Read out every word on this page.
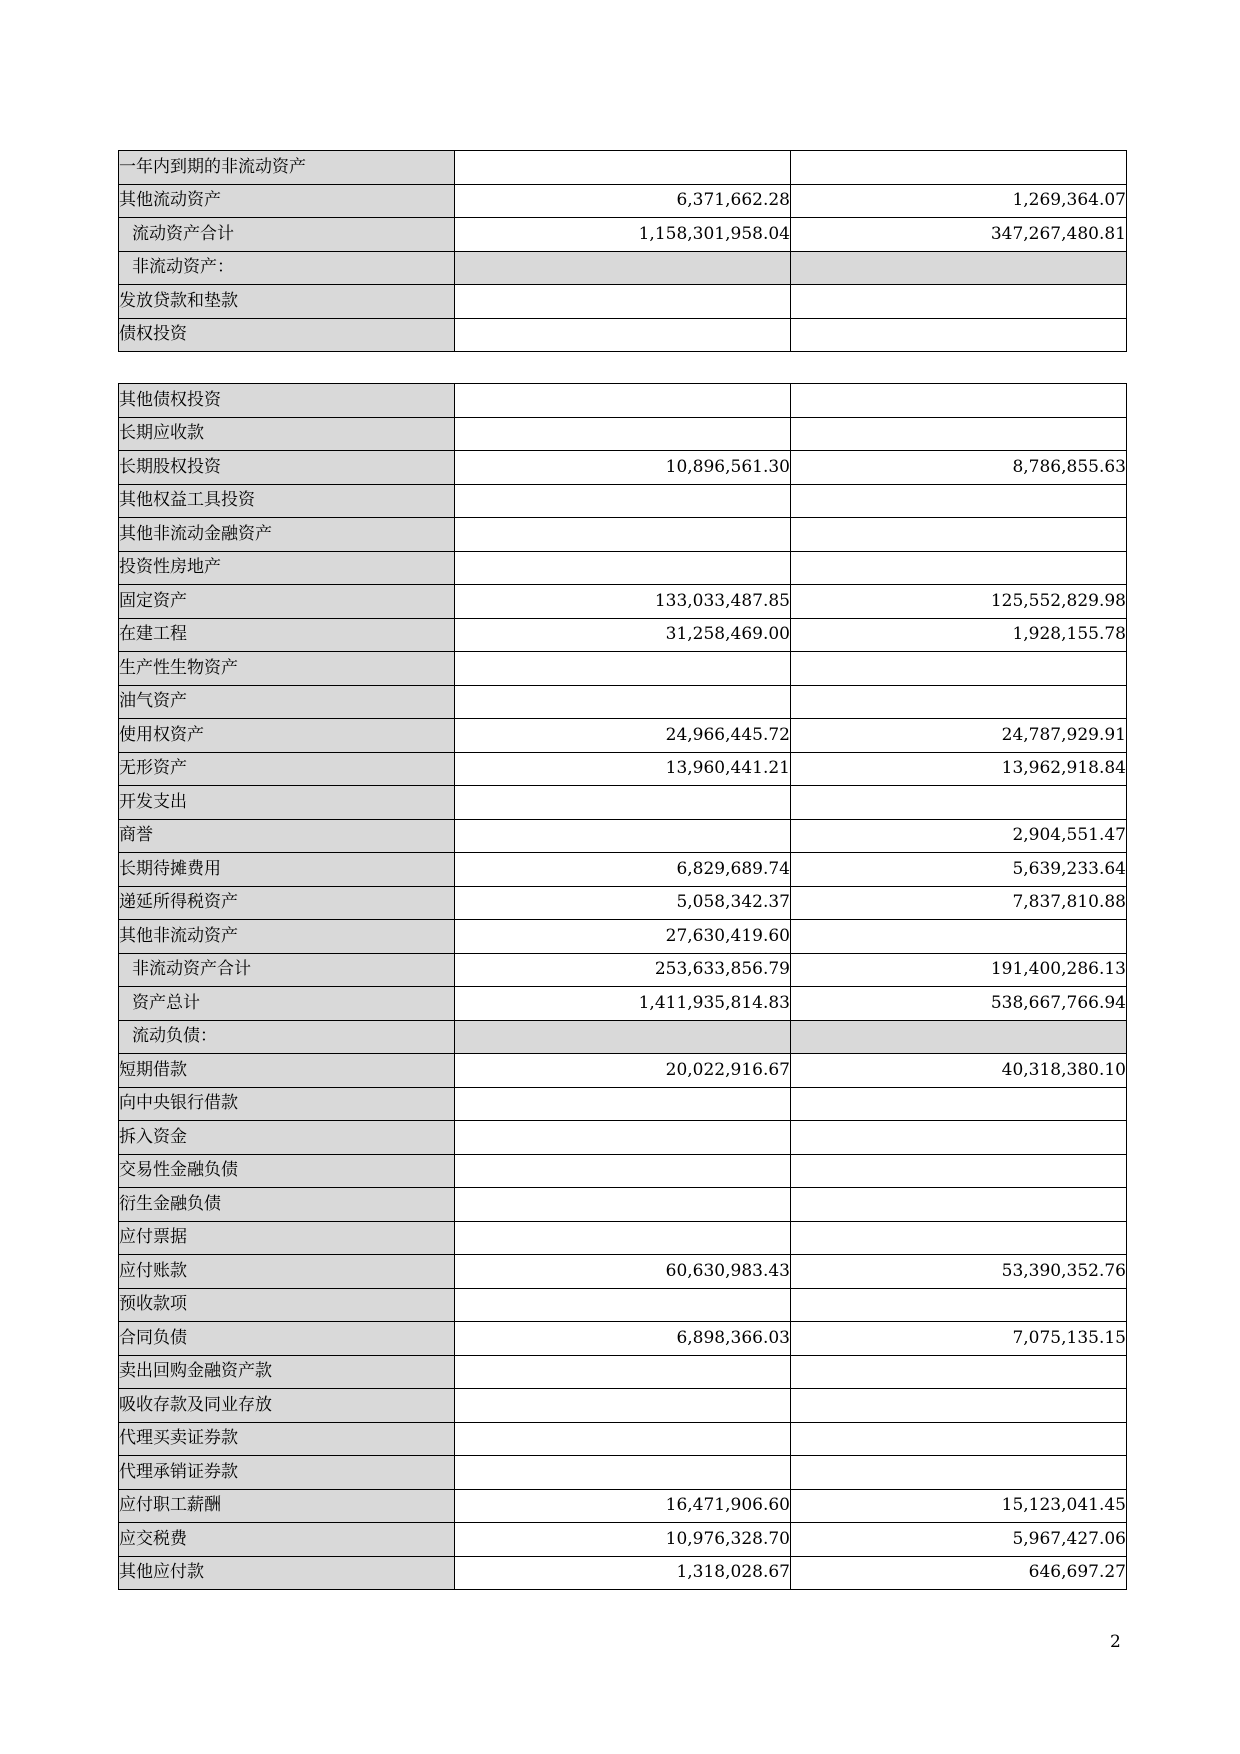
一年内到期的非流动资产		
其他流动资产	6,371,662.28	1,269,364.07
流动资产合计	1,158,301,958.04	347,267,480.81
非流动资产：		
发放贷款和垫款		
债权投资		
其他债权投资		
长期应收款		
长期股权投资	10,896,561.30	8,786,855.63
其他权益工具投资		
其他非流动金融资产		
投资性房地产		
固定资产	133,033,487.85	125,552,829.98
在建工程	31,258,469.00	1,928,155.78
生产性生物资产		
油气资产		
使用权资产	24,966,445.72	24,787,929.91
无形资产	13,960,441.21	13,962,918.84
开发支出		
商誉		2,904,551.47
长期待摊费用	6,829,689.74	5,639,233.64
递延所得税资产	5,058,342.37	7,837,810.88
其他非流动资产	27,630,419.60	
非流动资产合计	253,633,856.79	191,400,286.13
资产总计	1,411,935,814.83	538,667,766.94
流动负债：		
短期借款	20,022,916.67	40,318,380.10
向中央银行借款		
拆入资金		
交易性金融负债		
衍生金融负债		
应付票据		
应付账款	60,630,983.43	53,390,352.76
预收款项		
合同负债	6,898,366.03	7,075,135.15
卖出回购金融资产款		
吸收存款及同业存放		
代理买卖证券款		
代理承销证券款		
应付职工薪酬	16,471,906.60	15,123,041.45
应交税费	10,976,328.70	5,967,427.06
其他应付款	1,318,028.67	646,697.27
2
